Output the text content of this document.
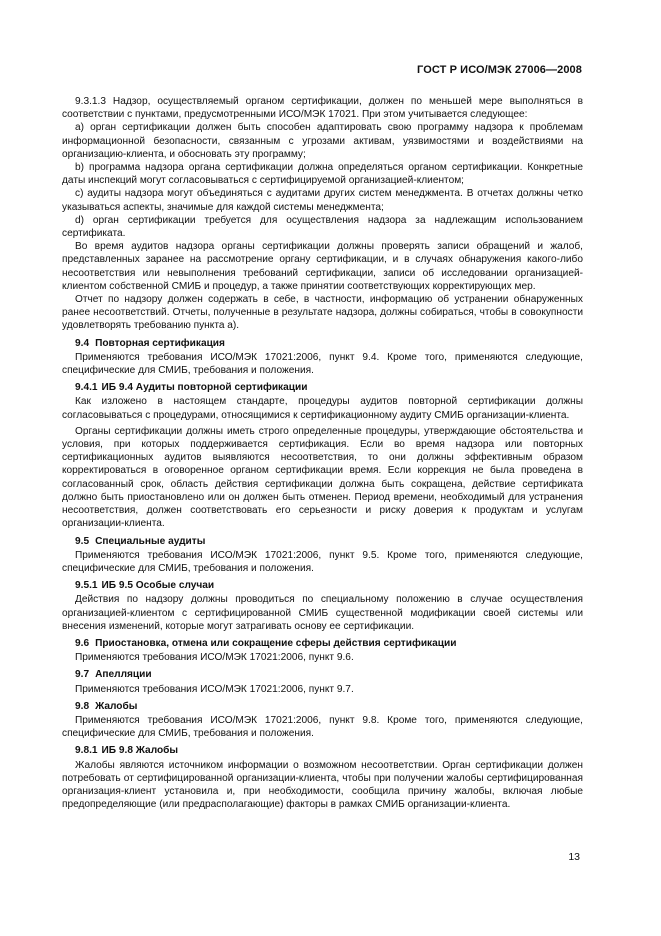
ГОСТ Р ИСО/МЭК 27006—2008

9.3.1.3 Надзор, осуществляемый органом сертификации, должен по меньшей мере выполняться в соответствии с пунктами, предусмотренными ИСО/МЭК 17021. При этом учитывается следующее:

a) орган сертификации должен быть способен адаптировать свою программу надзора к проблемам информационной безопасности, связанным с угрозами активам, уязвимостями и воздействиями на организацию-клиента, и обосновать эту программу;

b) программа надзора органа сертификации должна определяться органом сертификации. Конкретные даты инспекций могут согласовываться с сертифицируемой организацией-клиентом;

c) аудиты надзора могут объединяться с аудитами других систем менеджмента. В отчетах должны четко указываться аспекты, значимые для каждой системы менеджмента;

d) орган сертификации требуется для осуществления надзора за надлежащим использованием сертификата.

Во время аудитов надзора органы сертификации должны проверять записи обращений и жалоб, представленных заранее на рассмотрение органу сертификации, и в случаях обнаружения какого-либо несоответствия или невыполнения требований сертификации, записи об исследовании организацией-клиентом собственной СМИБ и процедур, а также принятии соответствующих корректирующих мер.

Отчет по надзору должен содержать в себе, в частности, информацию об устранении обнаруженных ранее несоответствий. Отчеты, полученные в результате надзора, должны собираться, чтобы в совокупности удовлетворять требованию пункта а).

9.4 Повторная сертификация

Применяются требования ИСО/МЭК 17021:2006, пункт 9.4. Кроме того, применяются следующие, специфические для СМИБ, требования и положения.

9.4.1 ИБ 9.4 Аудиты повторной сертификации

Как изложено в настоящем стандарте, процедуры аудитов повторной сертификации должны согласовываться с процедурами, относящимися к сертификационному аудиту СМИБ организации-клиента.

Органы сертификации должны иметь строго определенные процедуры, утверждающие обстоятельства и условия, при которых поддерживается сертификация. Если во время надзора или повторных сертификационных аудитов выявляются несоответствия, то они должны эффективным образом корректироваться в оговоренное органом сертификации время. Если коррекция не была проведена в согласованный срок, область действия сертификации должна быть сокращена, действие сертификата должно быть приостановлено или он должен быть отменен. Период времени, необходимый для устранения несоответствия, должен соответствовать его серьезности и риску доверия к продуктам и услугам организации-клиента.

9.5 Специальные аудиты

Применяются требования ИСО/МЭК 17021:2006, пункт 9.5. Кроме того, применяются следующие, специфические для СМИБ, требования и положения.

9.5.1 ИБ 9.5 Особые случаи

Действия по надзору должны проводиться по специальному положению в случае осуществления организацией-клиентом с сертифицированной СМИБ существенной модификации своей системы или внесения изменений, которые могут затрагивать основу ее сертификации.

9.6 Приостановка, отмена или сокращение сферы действия сертификации

Применяются требования ИСО/МЭК 17021:2006, пункт 9.6.

9.7 Апелляции

Применяются требования ИСО/МЭК 17021:2006, пункт 9.7.

9.8 Жалобы

Применяются требования ИСО/МЭК 17021:2006, пункт 9.8. Кроме того, применяются следующие, специфические для СМИБ, требования и положения.

9.8.1 ИБ 9.8 Жалобы

Жалобы являются источником информации о возможном несоответствии. Орган сертификации должен потребовать от сертифицированной организации-клиента, чтобы при получении жалобы сертифицированная организация-клиент установила и, при необходимости, сообщила причину жалобы, включая любые предопределяющие (или предрасполагающие) факторы в рамках СМИБ организации-клиента.

13
